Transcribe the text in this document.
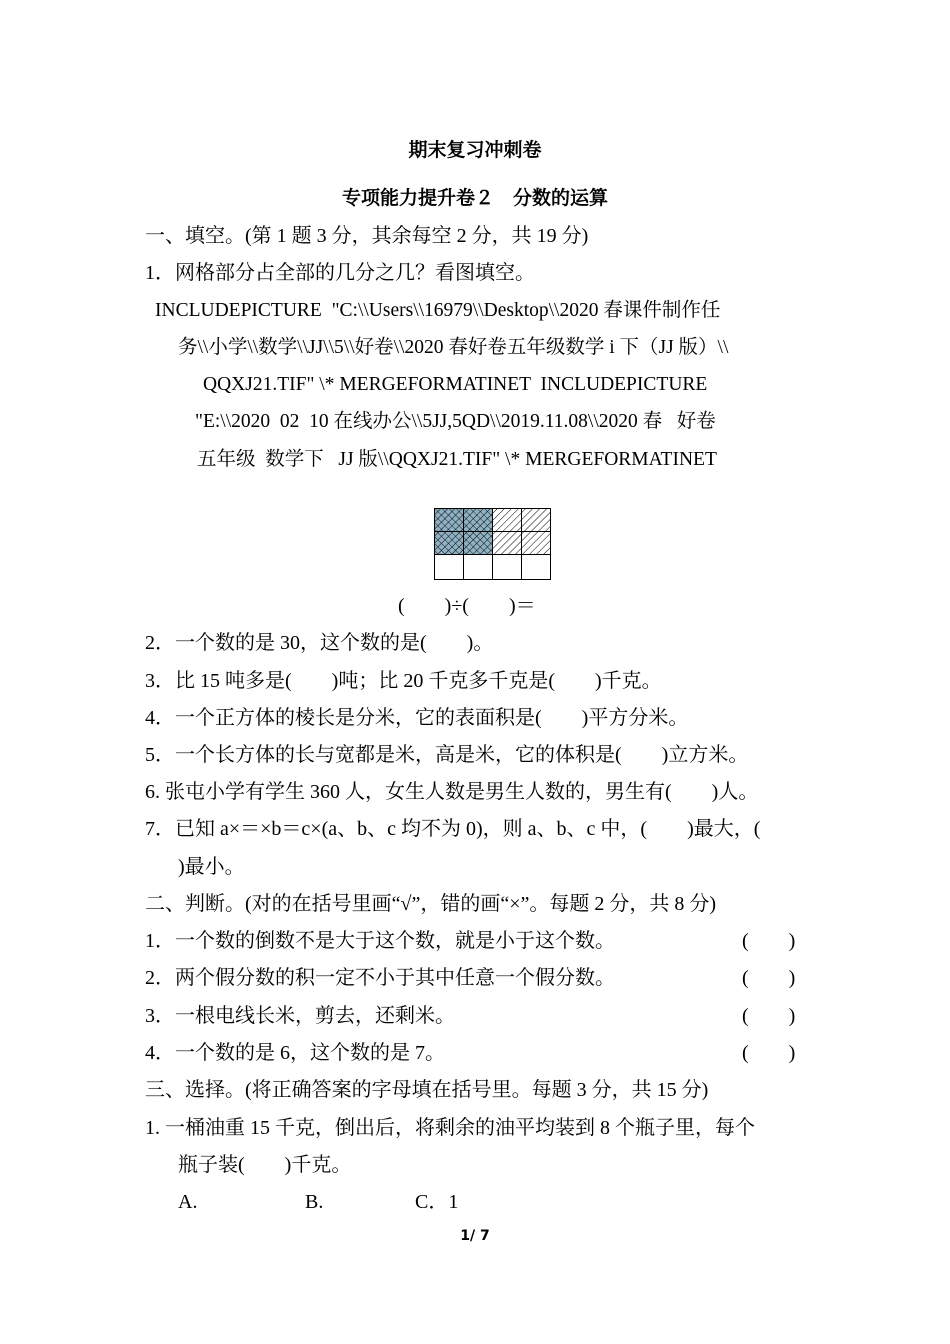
期末复习冲刺卷
专项能力提升卷２　分数的运算
一、填空。(第 1 题 3 分，其余每空 2 分，共 19 分)
1．网格部分占全部的几分之几？看图填空。
INCLUDEPICTURE  "C:\\Users\\16979\\Desktop\\2020 春课件制作任
务\\小学\\数学\\JJ\\5\\好卷\\2020 春好卷五年级数学 i 下（JJ 版）\\
QQXJ21.TIF" \* MERGEFORMATINET  INCLUDEPICTURE
"E:\\2020  02  10 在线办公\\5JJ,5QD\\2019.11.08\\2020 春   好卷
五年级  数学下   JJ 版\\QQXJ21.TIF" \* MERGEFORMATINET
(        )÷(        )＝
2．一个数的是 30，这个数的是(        )。
3．比 15 吨多是(        )吨；比 20 千克多千克是(        )千克。
4．一个正方体的棱长是分米，它的表面积是(        )平方分米。
5．一个长方体的长与宽都是米，高是米，它的体积是(        )立方米。
6. 张屯小学有学生 360 人，女生人数是男生人数的，男生有(        )人。
7．已知 a×＝×b＝c×(a、b、c 均不为 0)，则 a、b、c 中，(        )最大，(
)最小。
二、判断。(对的在括号里画“√”，错的画“×”。每题 2 分，共 8 分)
1．一个数的倒数不是大于这个数，就是小于这个数。	(        )
2．两个假分数的积一定不小于其中任意一个假分数。	(        )
3．一根电线长米，剪去，还剩米。	(        )
4．一个数的是 6，这个数的是 7。	(        )
三、选择。(将正确答案的字母填在括号里。每题 3 分，共 15 分)
1. 一桶油重 15 千克，倒出后，将剩余的油平均装到 8 个瓶子里，每个
瓶子装(        )千克。
A.	B.	C．1
1/ 7
